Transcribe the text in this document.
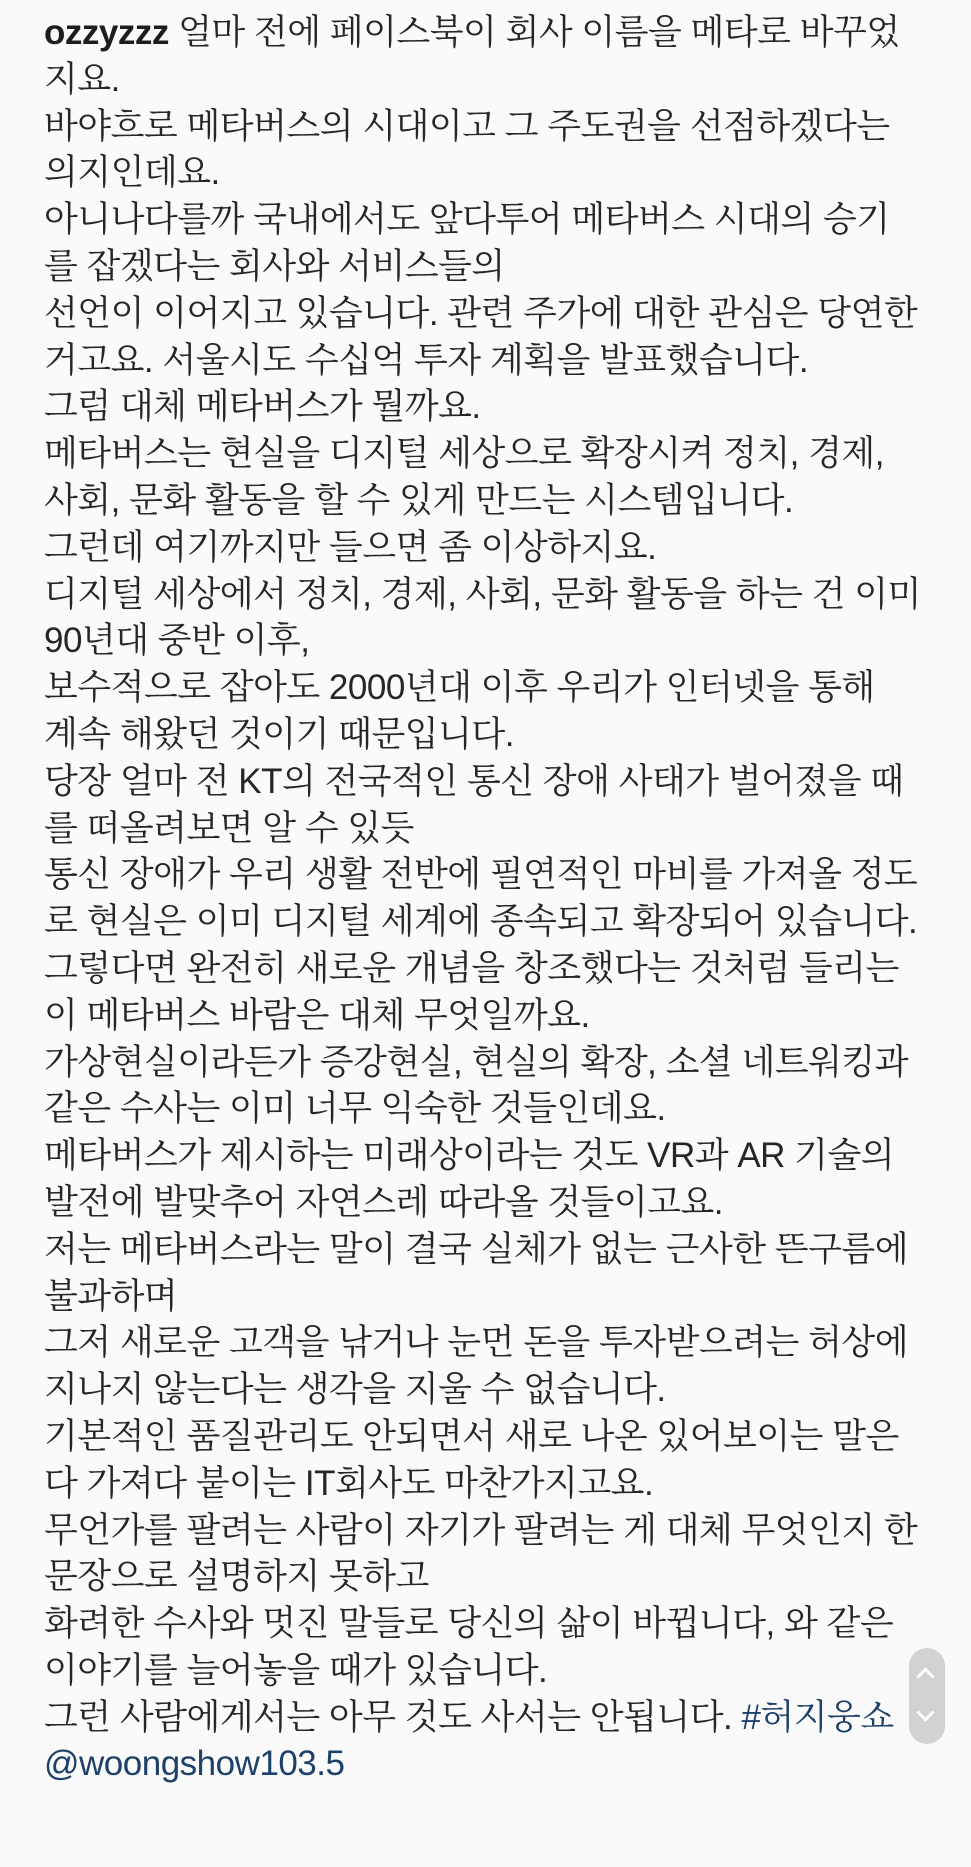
ozzyzzz 얼마 전에 페이스북이 회사 이름을 메타로 바꾸었
지요.
바야흐로 메타버스의 시대이고 그 주도권을 선점하겠다는
의지인데요.
아니나다를까 국내에서도 앞다투어 메타버스 시대의 승기
를 잡겠다는 회사와 서비스들의
선언이 이어지고 있습니다. 관련 주가에 대한 관심은 당연한
거고요. 서울시도 수십억 투자 계획을 발표했습니다.
그럼 대체 메타버스가 뭘까요.
메타버스는 현실을 디지털 세상으로 확장시켜 정치, 경제,
사회, 문화 활동을 할 수 있게 만드는 시스템입니다.
그런데 여기까지만 들으면 좀 이상하지요.
디지털 세상에서 정치, 경제, 사회, 문화 활동을 하는 건 이미
90년대 중반 이후,
보수적으로 잡아도 2000년대 이후 우리가 인터넷을 통해
계속 해왔던 것이기 때문입니다.
당장 얼마 전 KT의 전국적인 통신 장애 사태가 벌어졌을 때
를 떠올려보면 알 수 있듯
통신 장애가 우리 생활 전반에 필연적인 마비를 가져올 정도
로 현실은 이미 디지털 세계에 종속되고 확장되어 있습니다.
그렇다면 완전히 새로운 개념을 창조했다는 것처럼 들리는
이 메타버스 바람은 대체 무엇일까요.
가상현실이라든가 증강현실, 현실의 확장, 소셜 네트워킹과
같은 수사는 이미 너무 익숙한 것들인데요.
메타버스가 제시하는 미래상이라는 것도 VR과 AR 기술의
발전에 발맞추어 자연스레 따라올 것들이고요.
저는 메타버스라는 말이 결국 실체가 없는 근사한 뜬구름에
불과하며
그저 새로운 고객을 낚거나 눈먼 돈을 투자받으려는 허상에
지나지 않는다는 생각을 지울 수 없습니다.
기본적인 품질관리도 안되면서 새로 나온 있어보이는 말은
다 가져다 붙이는 IT회사도 마찬가지고요.
무언가를 팔려는 사람이 자기가 팔려는 게 대체 무엇인지 한
문장으로 설명하지 못하고
화려한 수사와 멋진 말들로 당신의 삶이 바뀝니다, 와 같은
이야기를 늘어놓을 때가 있습니다.
그런 사람에게서는 아무 것도 사서는 안됩니다. #허지웅쇼
@woongshow103.5
